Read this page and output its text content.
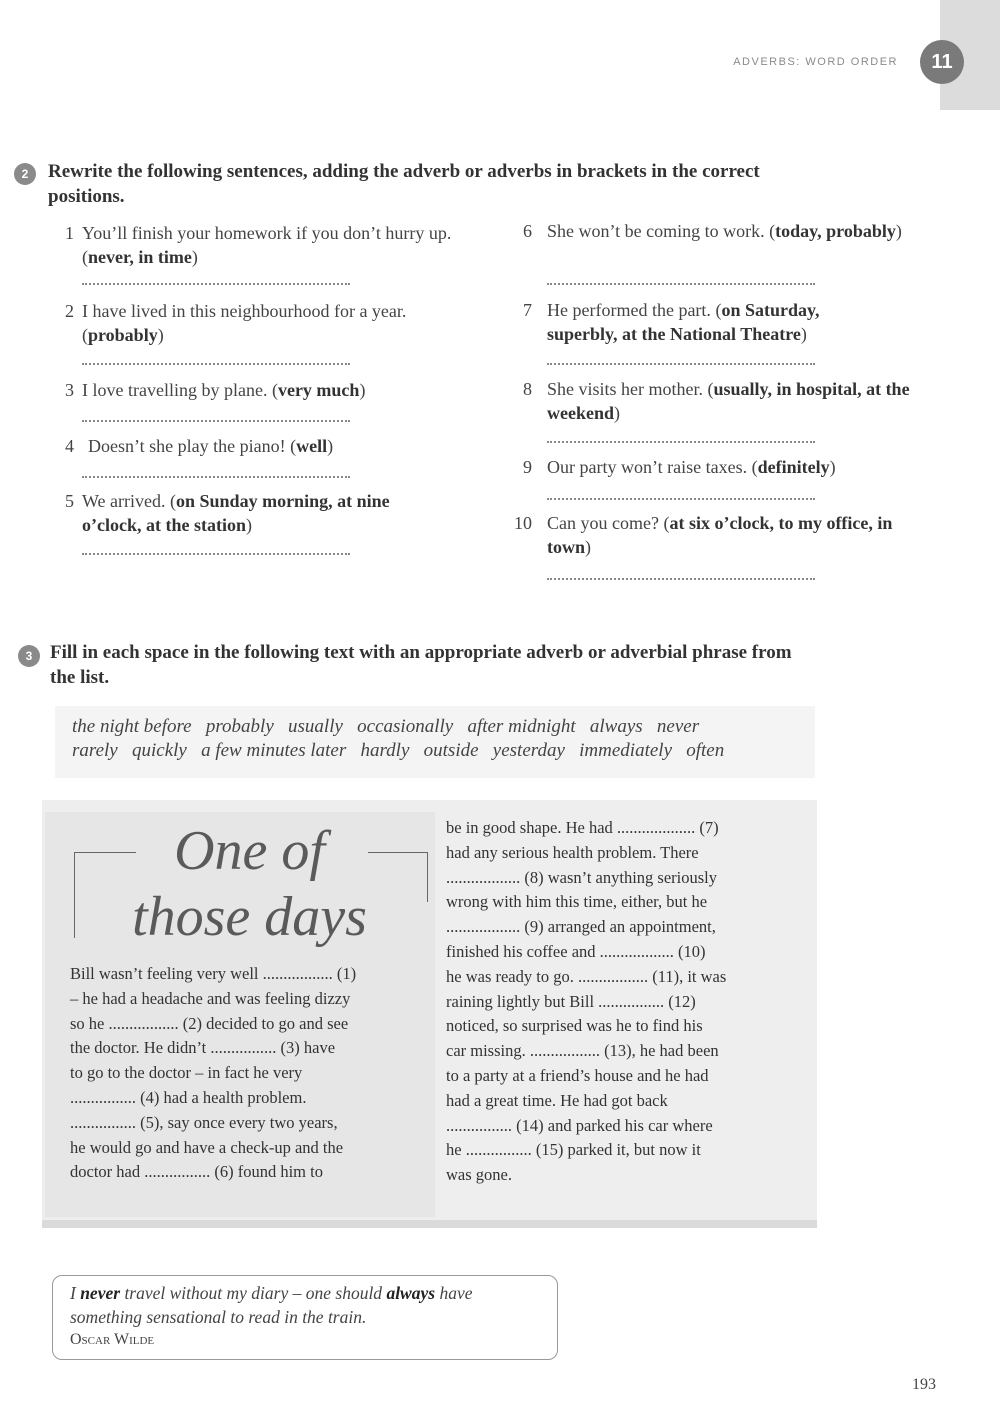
ADVERBS: WORD ORDER	11
2	Rewrite the following sentences, adding the adverb or adverbs in brackets in the correct positions.
1 You’ll finish your homework if you don’t hurry up. (never, in time)
2 I have lived in this neighbourhood for a year.
(probably)
3 I love travelling by plane. (very much)
4 Doesn’t she play the piano! (well)
5 We arrived. (on Sunday morning, at nine o’clock, at the station)
6 She won’t be coming to work. (today, probably)
7 He performed the part. (on Saturday, superbly, at the National Theatre)
8 She visits her mother. (usually, in hospital, at the weekend)
9 Our party won’t raise taxes. (definitely)
10 Can you come? (at six o’clock, to my office, in town)
3 Fill in each space in the following text with an appropriate adverb or adverbial phrase from the list.
the night before probably usually occasionally after midnight always never
rarely quickly a few minutes later hardly outside yesterday immediately often
One of
those days
Bill wasn’t feeling very well ................. (1)
– he had a headache and was feeling dizzy
so he ................. (2) decided to go and see
the doctor. He didn’t ................ (3) have
to go to the doctor – in fact he very
................ (4) had a health problem.
................ (5), say once every two years,
he would go and have a check-up and the
doctor had ................ (6) found him to
be in good shape. He had ................... (7)
had any serious health problem. There
.................. (8) wasn’t anything seriously
wrong with him this time, either, but he
.................. (9) arranged an appointment,
finished his coffee and .................. (10)
he was ready to go. ................. (11), it was
raining lightly but Bill ................ (12)
noticed, so surprised was he to find his
car missing. ................. (13), he had been
to a party at a friend’s house and he had
had a great time. He had got back
................ (14) and parked his car where
he ................ (15) parked it, but now it
was gone.
I never travel without my diary – one should always have
something sensational to read in the train.
Oscar Wilde
193
